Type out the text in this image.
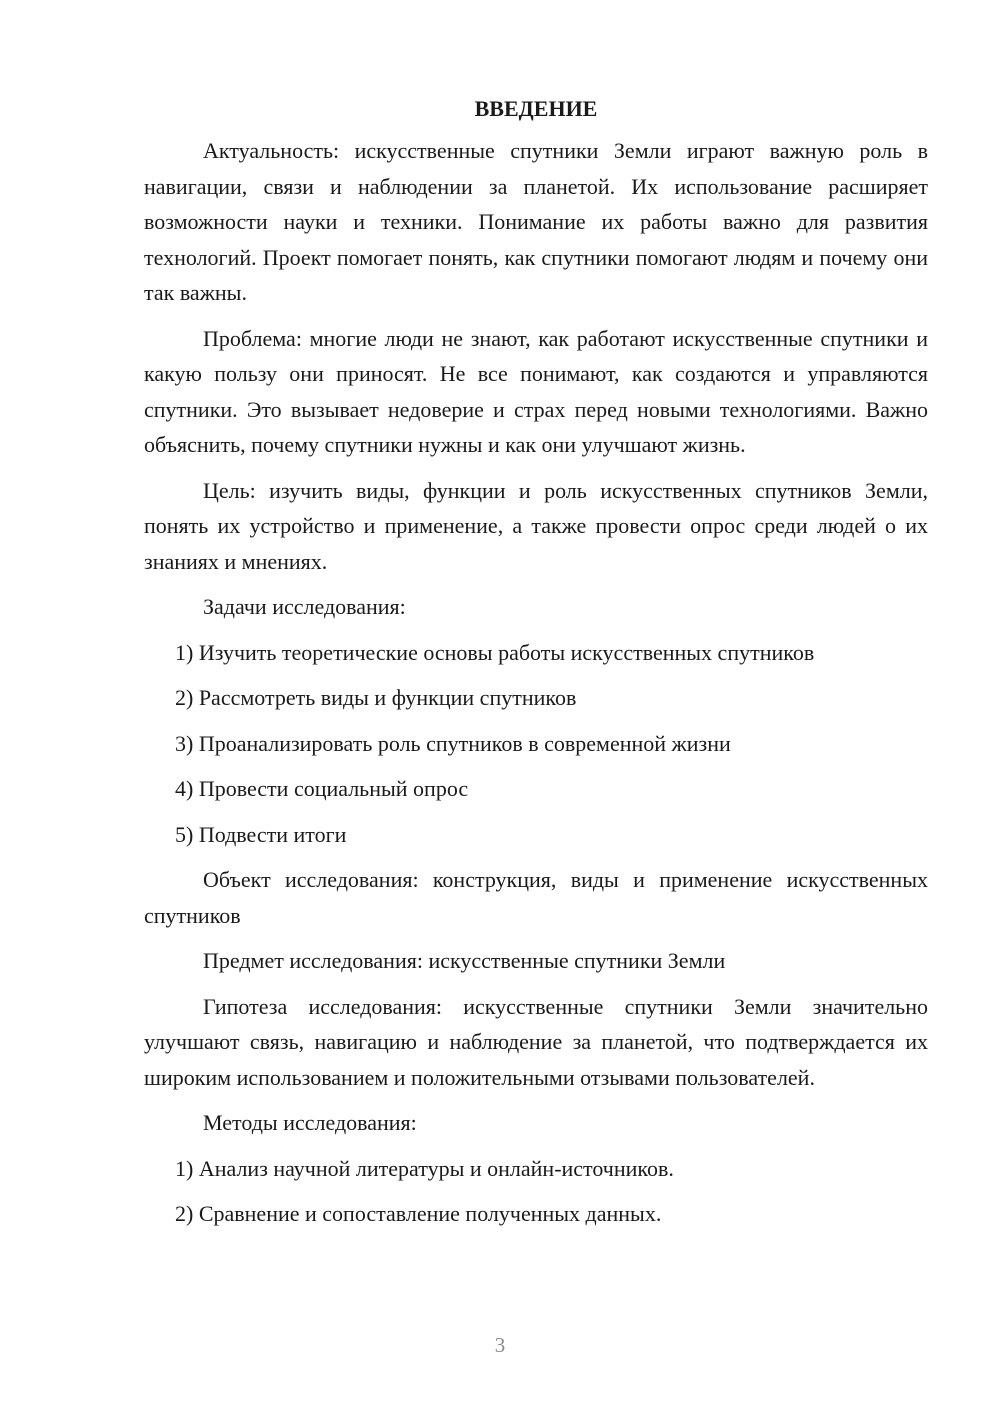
ВВЕДЕНИЕ

Актуальность: искусственные спутники Земли играют важную роль в навигации, связи и наблюдении за планетой. Их использование расширяет возможности науки и техники. Понимание их работы важно для развития технологий. Проект помогает понять, как спутники помогают людям и почему они так важны.

Проблема: многие люди не знают, как работают искусственные спутники и какую пользу они приносят. Не все понимают, как создаются и управляются спутники. Это вызывает недоверие и страх перед новыми технологиями. Важно объяснить, почему спутники нужны и как они улучшают жизнь.

Цель: изучить виды, функции и роль искусственных спутников Земли, понять их устройство и применение, а также провести опрос среди людей о их знаниях и мнениях.

Задачи исследования:

1) Изучить теоретические основы работы искусственных спутников

2) Рассмотреть виды и функции спутников

3) Проанализировать роль спутников в современной жизни

4) Провести социальный опрос

5) Подвести итоги

Объект исследования: конструкция, виды и применение искусственных спутников

Предмет исследования: искусственные спутники Земли

Гипотеза исследования: искусственные спутники Земли значительно улучшают связь, навигацию и наблюдение за планетой, что подтверждается их широким использованием и положительными отзывами пользователей.

Методы исследования:

1) Анализ научной литературы и онлайн-источников.

2) Сравнение и сопоставление полученных данных.

3
